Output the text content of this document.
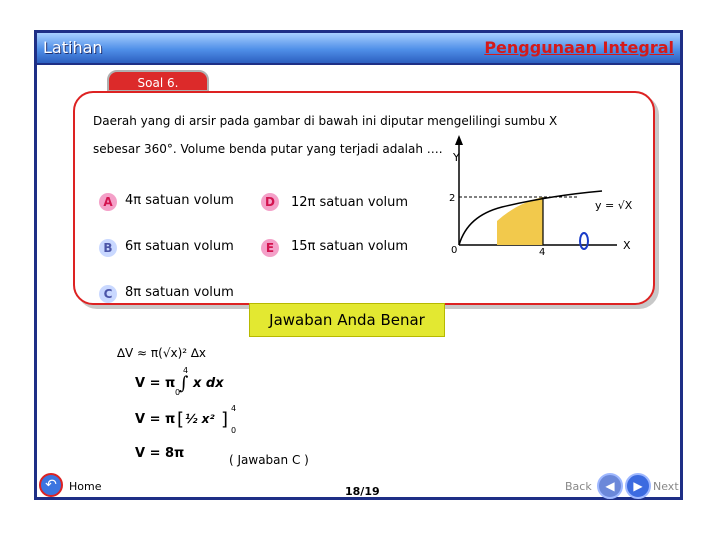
Latihan	Penggunaan Integral
Soal 6.

Daerah yang di arsir pada gambar di bawah ini diputar mengelilingi sumbu X
sebesar 360°. Volume benda putar yang terjadi adalah ….

A 4π satuan volum
B 6π satuan volum
C 8π satuan volum
D	12π satuan volum
E	15π satuan volum
Y
X
2
0	4
y = √X
Jawaban Anda Benar
∆V ≈ π(√x)² ∆x
V = π ∫
4
0
x dx
V = π [ ½ x² ]
4
0
V = 8π	( Jawaban C )
↶	Home	18/19	Back	◀	▶ Next
